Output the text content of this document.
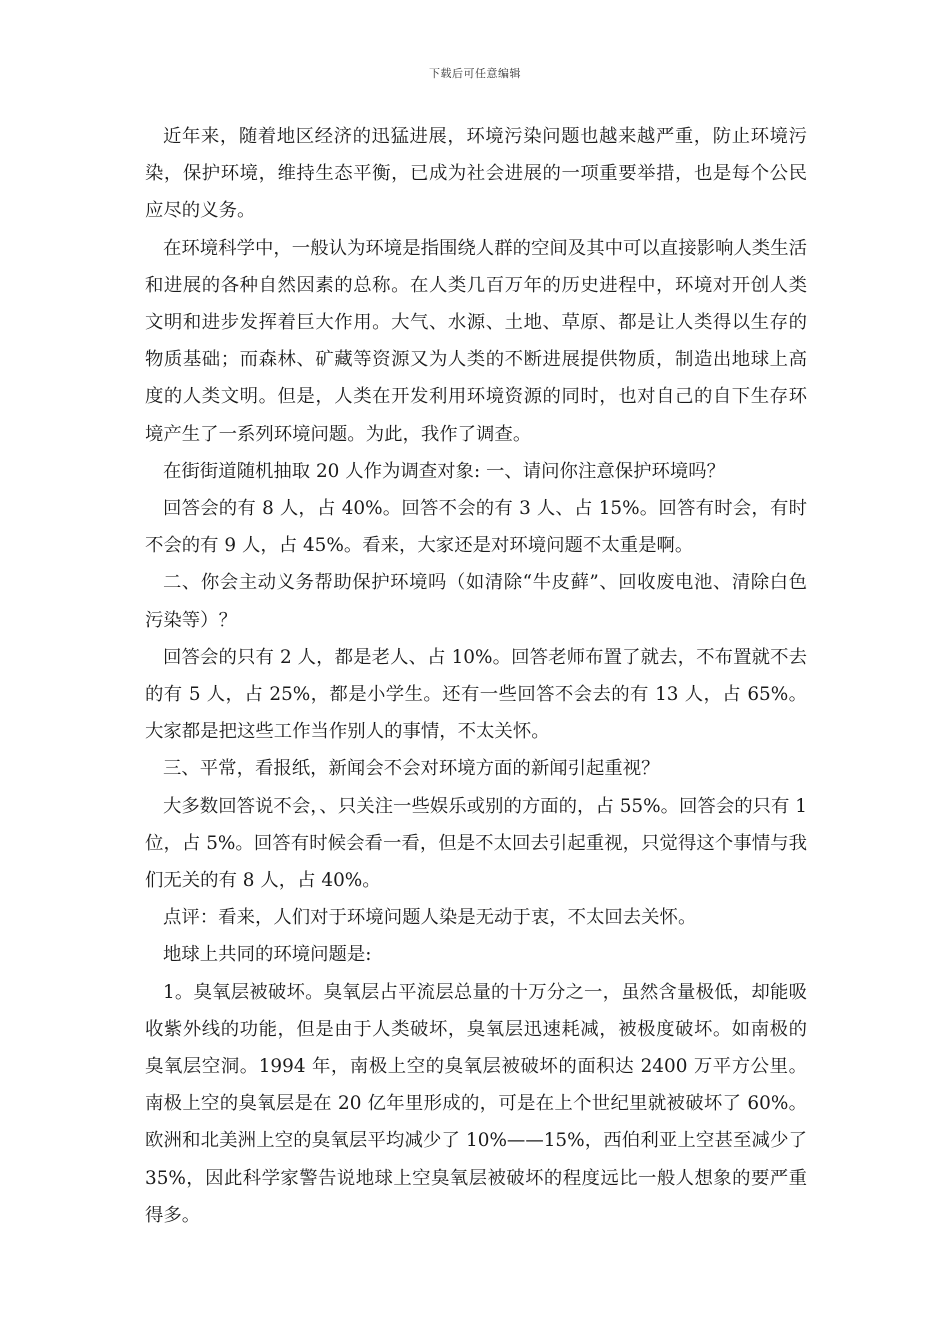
下载后可任意编辑

近年来，随着地区经济的迅猛进展，环境污染问题也越来越严重，防止环境污染，保护环境，维持生态平衡，已成为社会进展的一项重要举措，也是每个公民应尽的义务。

在环境科学中，一般认为环境是指围绕人群的空间及其中可以直接影响人类生活和进展的各种自然因素的总称。在人类几百万年的历史进程中，环境对开创人类文明和进步发挥着巨大作用。大气、水源、土地、草原、都是让人类得以生存的物质基础；而森林、矿藏等资源又为人类的不断进展提供物质，制造出地球上高度的人类文明。但是，人类在开发利用环境资源的同时，也对自己的自下生存环境产生了一系列环境问题。为此，我作了调查。

在街街道随机抽取 20 人作为调查对象: 一、请问你注意保护环境吗？

回答会的有 8 人，占 40%。回答不会的有 3 人、占 15%。回答有时会，有时不会的有 9 人，占 45%。看来，大家还是对环境问题不太重是啊。

二、你会主动义务帮助保护环境吗（如清除“牛皮藓”、回收废电池、清除白色污染等）？

回答会的只有 2 人，都是老人、占 10%。回答老师布置了就去，不布置就不去的有 5 人，占 25%，都是小学生。还有一些回答不会去的有 13 人，占 65%。大家都是把这些工作当作别人的事情，不太关怀。

三、平常，看报纸，新闻会不会对环境方面的新闻引起重视？

大多数回答说不会，、只关注一些娱乐或别的方面的，占 55%。回答会的只有 1 位，占 5%。回答有时候会看一看，但是不太回去引起重视，只觉得这个事情与我们无关的有 8 人，占 40%。

点评：看来，人们对于环境问题人染是无动于衷，不太回去关怀。

地球上共同的环境问题是:

1。臭氧层被破坏。臭氧层占平流层总量的十万分之一，虽然含量极低，却能吸收紫外线的功能，但是由于人类破坏，臭氧层迅速耗减，被极度破坏。如南极的臭氧层空洞。1994 年，南极上空的臭氧层被破坏的面积达 2400 万平方公里。南极上空的臭氧层是在 20 亿年里形成的，可是在上个世纪里就被破坏了 60%。欧洲和北美洲上空的臭氧层平均减少了 10%——15%，西伯利亚上空甚至减少了 35%，因此科学家警告说地球上空臭氧层被破坏的程度远比一般人想象的要严重得多。
